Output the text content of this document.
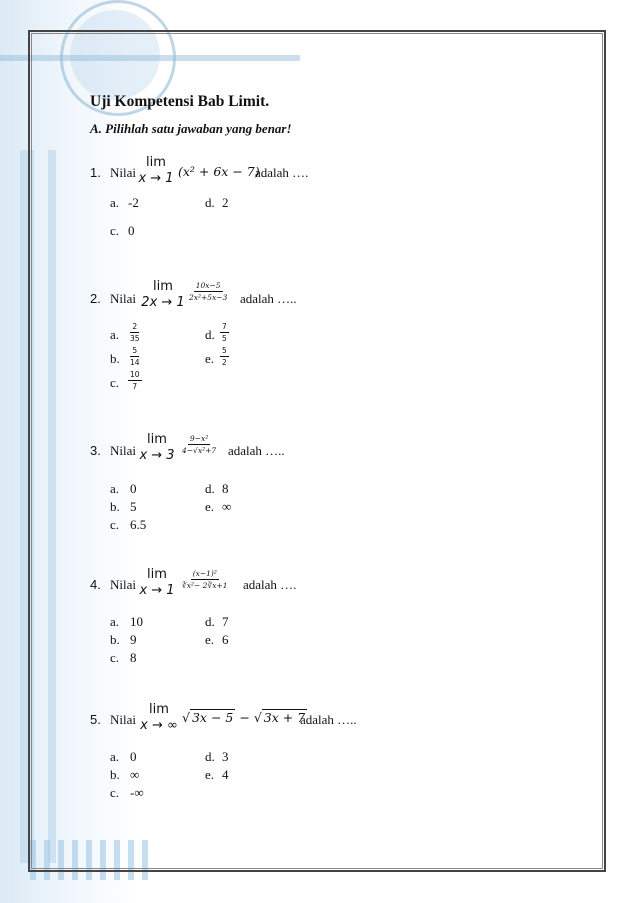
Uji Kompetensi Bab Limit.
A. Pilihlah satu jawaban yang benar!
1. Nilai
lim
x → 1 (x² + 6x − 7)
adalah ….
a. -2	d. 2
c. 0
2. Nilai
lim
2x → 1
$\frac{10x-5}{\text{2x²+5x−3}}$ adalah …..
a. $\frac{2}{35}$	d. $\frac{7}{5}$
b. $\frac{5}{14}$	e. $\frac{5}{2}$
c. $\frac{10}{7}$
3. Nilai
lim
x → 3
$\frac{\text{9−x²}}{\text{4−√x²+7}}$ adalah …..
a. 0	d. 8
b. 5	e. ∞
c. 6.5
4. Nilai
lim
x → 1
$\frac{\text{(x−1)²}}{\text{∛x²− 2∛x+1}}$ adalah ….
a. 10	d. 7
b. 9	e. 6
c. 8
5. Nilai
lim
x → ∞
√ 3x − 5 − √ 3x + 7
adalah …..
a. 0	d. 3
b. ∞	e. 4
c. -∞
